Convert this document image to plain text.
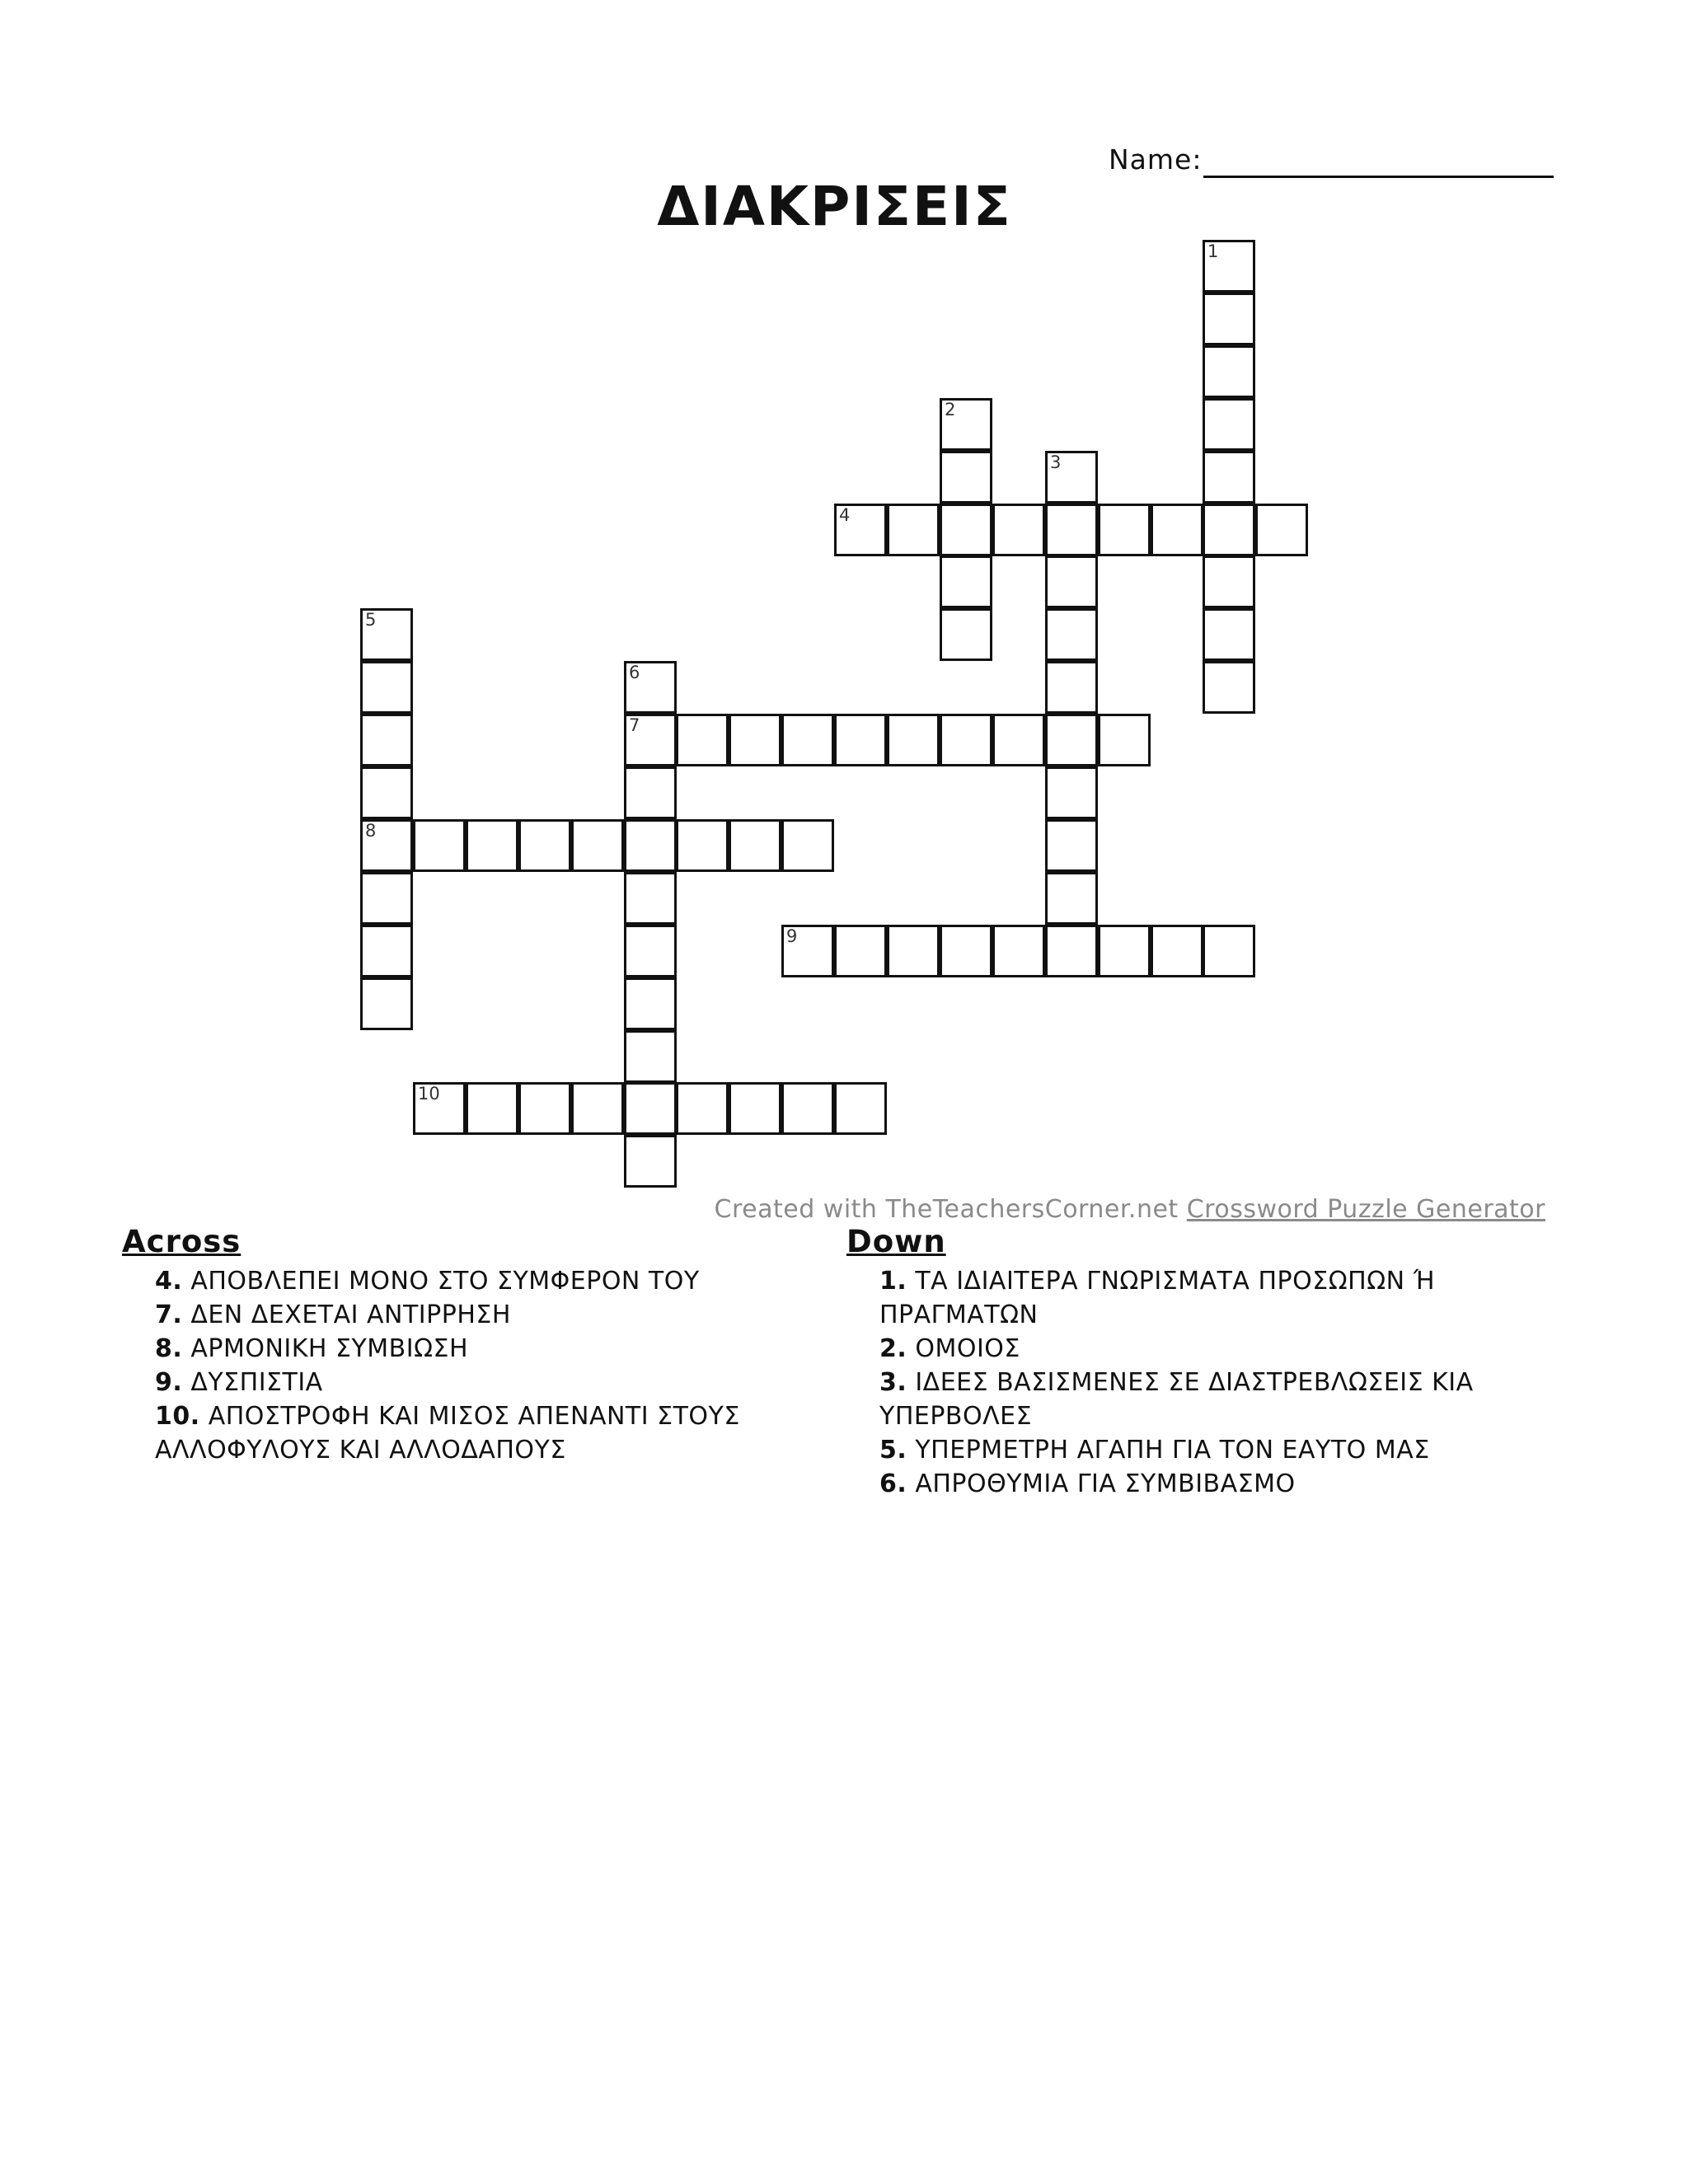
Name:
ΔΙΑΚΡΙΣΕΙΣ
1
2
3
4
5
8
6
7
9
10
Created with TheTeachersCorner.net Crossword Puzzle Generator
Across
4. ΑΠΟΒΛΕΠΕΙ ΜΟΝΟ ΣΤΟ ΣΥΜΦΕΡΟΝ ΤΟΥ
7. ΔΕΝ ΔΕΧΕΤΑΙ ΑΝΤΙΡΡΗΣΗ
8. ΑΡΜΟΝΙΚΗ ΣΥΜΒΙΩΣΗ
9. ΔΥΣΠΙΣΤΙΑ
10. ΑΠΟΣΤΡΟΦΗ ΚΑΙ ΜΙΣΟΣ ΑΠΕΝΑΝΤΙ ΣΤΟΥΣ ΑΛΛΟΦΥΛΟΥΣ ΚΑΙ ΑΛΛΟΔΑΠΟΥΣ
Down
1. ΤΑ ΙΔΙΑΙΤΕΡΑ ΓΝΩΡΙΣΜΑΤΑ ΠΡΟΣΩΠΩΝ Ή ΠΡΑΓΜΑΤΩΝ
2. ΟΜΟΙΟΣ
3. ΙΔΕΕΣ ΒΑΣΙΣΜΕΝΕΣ ΣΕ ΔΙΑΣΤΡΕΒΛΩΣΕΙΣ ΚΙΑ ΥΠΕΡΒΟΛΕΣ
5. ΥΠΕΡΜΕΤΡΗ ΑΓΑΠΗ ΓΙΑ ΤΟΝ ΕΑΥΤΟ ΜΑΣ
6. ΑΠΡΟΘΥΜΙΑ ΓΙΑ ΣΥΜΒΙΒΑΣΜΟ
